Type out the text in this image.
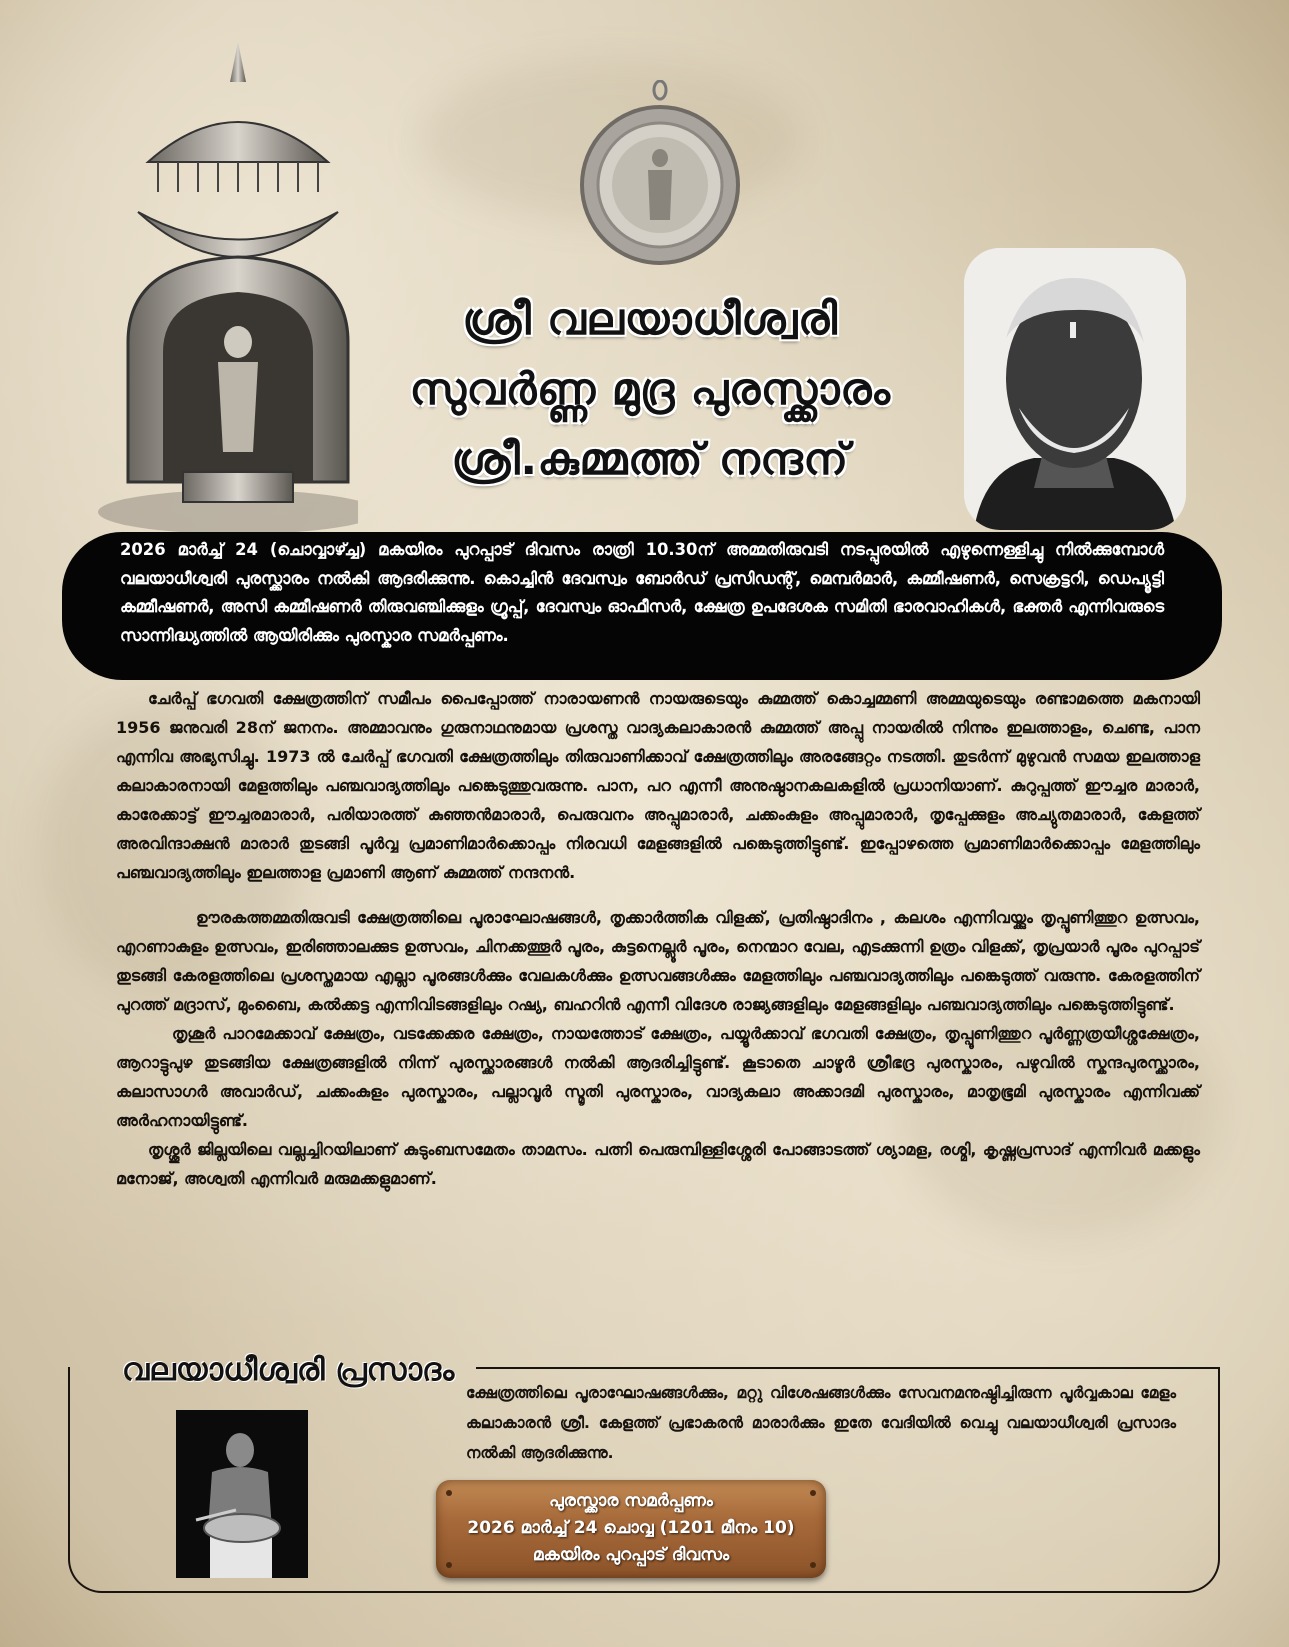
ശ്രീ വലയാധീശ്വരി
സുവർണ്ണ മുദ്ര പുരസ്ക്കാരം
ശ്രീ.കുമ്മത്ത് നന്ദന്

2026 മാർച്ച് 24 (ചൊവ്വാഴ്ച്ച) മകയിരം പുറപ്പാട് ദിവസം രാത്രി 10.30ന് അമ്മതിരുവടി നടപ്പുരയിൽ എഴുന്നെള്ളിച്ചു നിൽക്കുമ്പോൾ വലയാധീശ്വരി പുരസ്ക്കാരം നൽകി ആദരിക്കുന്നു. കൊച്ചിൻ ദേവസ്വം ബോർഡ് പ്രസിഡന്റ്, മെമ്പർമാർ, കമ്മീഷണർ, സെക്രട്ടറി, ഡെപ്യൂട്ടി കമ്മീഷണർ, അസി കമ്മീഷണർ തിരുവഞ്ചിക്കുളം ഗ്രൂപ്പ്, ദേവസ്വം ഓഫീസർ, ക്ഷേത്ര ഉപദേശക സമിതി ഭാരവാഹികൾ, ഭക്തർ എന്നിവരുടെ സാന്നിദ്ധ്യത്തിൽ ആയിരിക്കും പുരസ്കാര സമർപ്പണം.

ചേർപ്പ് ഭഗവതി ക്ഷേത്രത്തിന് സമീപം പൈപ്പോത്ത് നാരായണൻ നായരുടെയും കുമ്മത്ത് കൊച്ചമ്മണി അമ്മയുടെയും രണ്ടാമത്തെ മകനായി 1956 ജനുവരി 28ന് ജനനം. അമ്മാവനും ഗുരുനാഥനുമായ പ്രശസ്ത വാദ്യകലാകാരൻ കുമ്മത്ത് അപ്പു നായരിൽ നിന്നും ഇലത്താളം, ചെണ്ട, പാന എന്നിവ അഭ്യസിച്ചു. 1973 ൽ ചേർപ്പ് ഭഗവതി ക്ഷേത്രത്തിലും തിരുവാണിക്കാവ് ക്ഷേത്രത്തിലും അരങ്ങേറ്റം നടത്തി. തുടർന്ന് മുഴുവൻ സമയ ഇലത്താള കലാകാരനായി മേളത്തിലും പഞ്ചവാദ്യത്തിലും പങ്കെടുത്തുവരുന്നു. പാന, പറ എന്നീ അനുഷ്ഠാനകലകളിൽ പ്രധാനിയാണ്. കുറുപ്പത്ത് ഈച്ചര മാരാർ, കാരേക്കാട്ട് ഈച്ചരമാരാർ, പരിയാരത്ത് കുഞ്ഞൻമാരാർ, പെരുവനം അപ്പുമാരാർ, ചക്കംകുളം അപ്പുമാരാർ, തൃപ്പേക്കുളം അച്യുതമാരാർ, കേളത്ത് അരവിന്ദാക്ഷൻ മാരാർ തുടങ്ങി പൂർവ്വ പ്രമാണിമാർക്കൊപ്പം നിരവധി മേളങ്ങളിൽ പങ്കെടുത്തിട്ടുണ്ട്. ഇപ്പോഴത്തെ പ്രമാണിമാർക്കൊപ്പം മേളത്തിലും പഞ്ചവാദ്യത്തിലും ഇലത്താള പ്രമാണി ആണ് കുമ്മത്ത് നന്ദനൻ.

ഊരകത്തമ്മതിരുവടി ക്ഷേത്രത്തിലെ പൂരാഘോഷങ്ങൾ, തൃക്കാർത്തിക വിളക്ക്, പ്രതിഷ്ഠാദിനം , കലശം എന്നിവയ്ക്കും തൃപ്പൂണിത്തുറ ഉത്സവം, എറണാകുളം ഉത്സവം, ഇരിഞ്ഞാലക്കുട ഉത്സവം, ചിനക്കത്തൂർ പൂരം, കുട്ടനെല്ലൂർ പൂരം, നെന്മാറ വേല, എടക്കുന്നി ഉത്രം വിളക്ക്, തൃപ്രയാർ പൂരം പുറപ്പാട് തുടങ്ങി കേരളത്തിലെ പ്രശസ്തമായ എല്ലാ പൂരങ്ങൾക്കും വേലകൾക്കും ഉത്സവങ്ങൾക്കും മേളത്തിലും പഞ്ചവാദ്യത്തിലും പങ്കെടുത്ത് വരുന്നു. കേരളത്തിന് പുറത്ത് മദ്രാസ്, മുംബൈ, കൽക്കട്ട എന്നിവിടങ്ങളിലും റഷ്യ, ബഹറിൻ എന്നീ വിദേശ രാജ്യങ്ങളിലും മേളങ്ങളിലും പഞ്ചവാദ്യത്തിലും പങ്കെടുത്തിട്ടുണ്ട്.

തൃശൂർ പാറമേക്കാവ് ക്ഷേത്രം, വടക്കേക്കര ക്ഷേത്രം, നായത്തോട് ക്ഷേത്രം, പയ്യൂർക്കാവ് ഭഗവതി ക്ഷേത്രം, തൃപ്പൂണിത്തുറ പൂർണ്ണത്രയീശ്ശക്ഷേത്രം, ആറാട്ടുപുഴ തുടങ്ങിയ ക്ഷേത്രങ്ങളിൽ നിന്ന് പുരസ്ക്കാരങ്ങൾ നൽകി ആദരിച്ചിട്ടുണ്ട്. കൂടാതെ ചാഴൂർ ശ്രീഭദ്ര പുരസ്കാരം, പഴുവിൽ സ്കന്ദപുരസ്ക്കാരം, കലാസാഗർ അവാർഡ്, ചക്കംകുളം പുരസ്കാരം, പല്ലാവൂർ സ്മൃതി പുരസ്കാരം, വാദ്യകലാ അക്കാദമി പുരസ്കാരം, മാതൃഭൂമി പുരസ്കാരം എന്നിവക്ക് അർഹനായിട്ടുണ്ട്.

തൃശ്ശൂർ ജില്ലയിലെ വല്ലച്ചിറയിലാണ് കുടുംബസമേതം താമസം. പത്നി പെരുമ്പിള്ളിശ്ശേരി പോങ്ങാടത്ത് ശ്യാമള, രശ്മി, കൃഷ്ണപ്രസാദ് എന്നിവർ മക്കളും മനോജ്, അശ്വതി എന്നിവർ മരുമക്കളുമാണ്.

വലയാധീശ്വരി പ്രസാദം

ക്ഷേത്രത്തിലെ പൂരാഘോഷങ്ങൾക്കും, മറ്റു വിശേഷങ്ങൾക്കും സേവനമനുഷ്ഠിച്ചിരുന്ന പൂർവ്വകാല മേളം കലാകാരൻ ശ്രീ. കേളത്ത് പ്രഭാകരൻ മാരാർക്കും ഇതേ വേദിയിൽ വെച്ചു വലയാധീശ്വരി പ്രസാദം നൽകി ആദരിക്കുന്നു.

പുരസ്ക്കാര സമർപ്പണം
2026 മാർച്ച് 24 ചൊവ്വ (1201 മീനം 10)
മകയിരം പുറപ്പാട് ദിവസം
